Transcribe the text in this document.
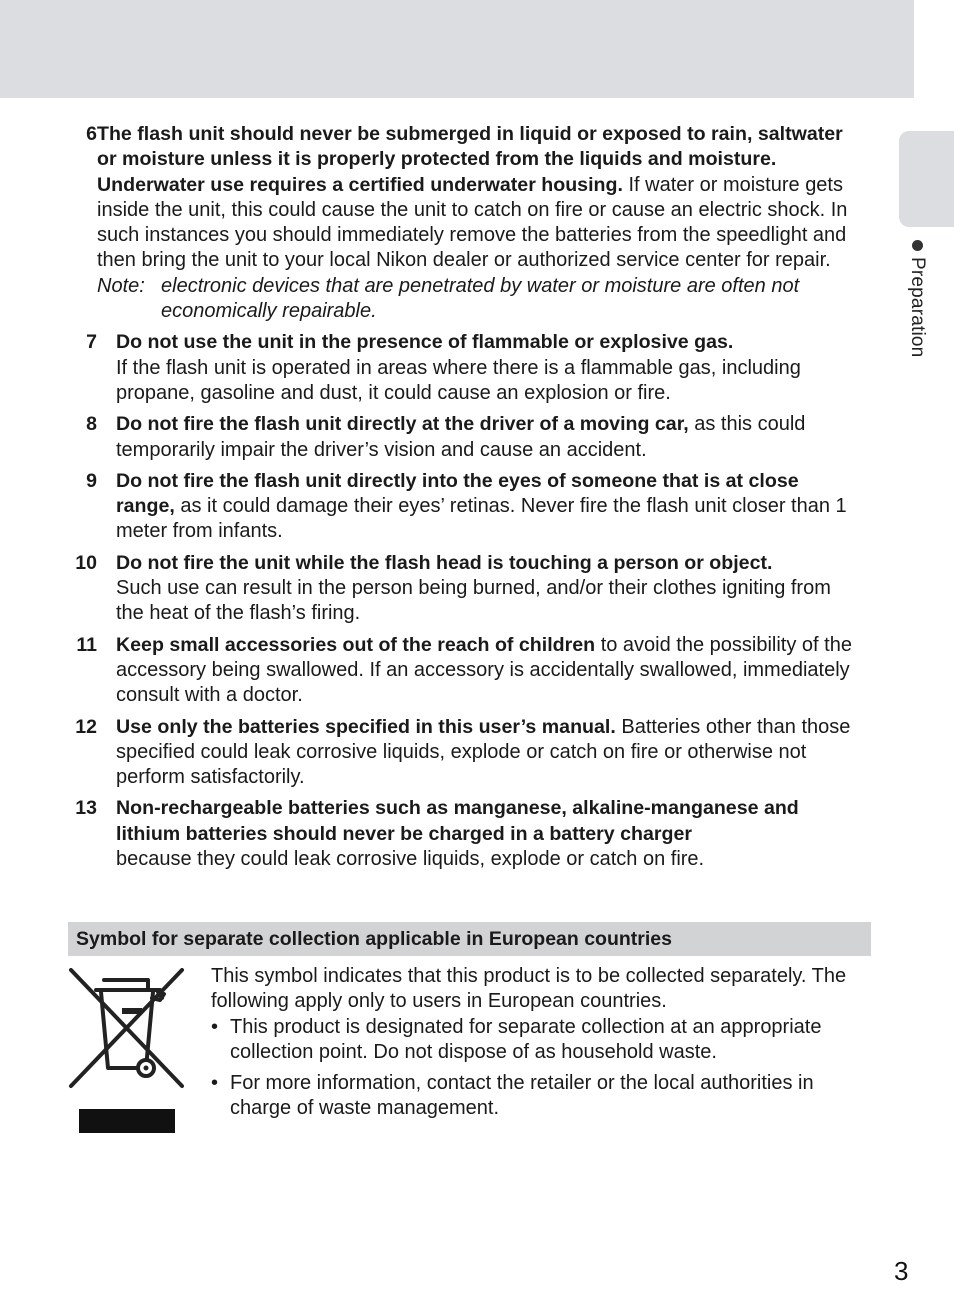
Preparation
6 The flash unit should never be submerged in liquid or exposed to rain, saltwater or moisture unless it is properly protected from the liquids and moisture. Underwater use requires a certified underwater housing. If water or moisture gets inside the unit, this could cause the unit to catch on fire or cause an electric shock. In such instances you should immediately remove the batteries from the speedlight and then bring the unit to your local Nikon dealer or authorized service center for repair.
Note: electronic devices that are penetrated by water or moisture are often not economically repairable.
7 Do not use the unit in the presence of flammable or explosive gas.
If the flash unit is operated in areas where there is a flammable gas, including propane, gasoline and dust, it could cause an explosion or fire.
8 Do not fire the flash unit directly at the driver of a moving car, as this could temporarily impair the driver’s vision and cause an accident.
9 Do not fire the flash unit directly into the eyes of someone that is at close range, as it could damage their eyes’ retinas. Never fire the flash unit closer than 1 meter from infants.
10 Do not fire the unit while the flash head is touching a person or object.
Such use can result in the person being burned, and/or their clothes igniting from the heat of the flash’s firing.
11 Keep small accessories out of the reach of children to avoid the possibility of the accessory being swallowed. If an accessory is accidentally swallowed, immediately consult with a doctor.
12 Use only the batteries specified in this user’s manual. Batteries other than those specified could leak corrosive liquids, explode or catch on fire or otherwise not perform satisfactorily.
13 Non-rechargeable batteries such as manganese, alkaline-manganese and lithium batteries should never be charged in a battery charger
because they could leak corrosive liquids, explode or catch on fire.
Symbol for separate collection applicable in European countries
This symbol indicates that this product is to be collected separately. The following apply only to users in European countries.
• This product is designated for separate collection at an appropriate collection point. Do not dispose of as household waste.
• For more information, contact the retailer or the local authorities in charge of waste management.
3
